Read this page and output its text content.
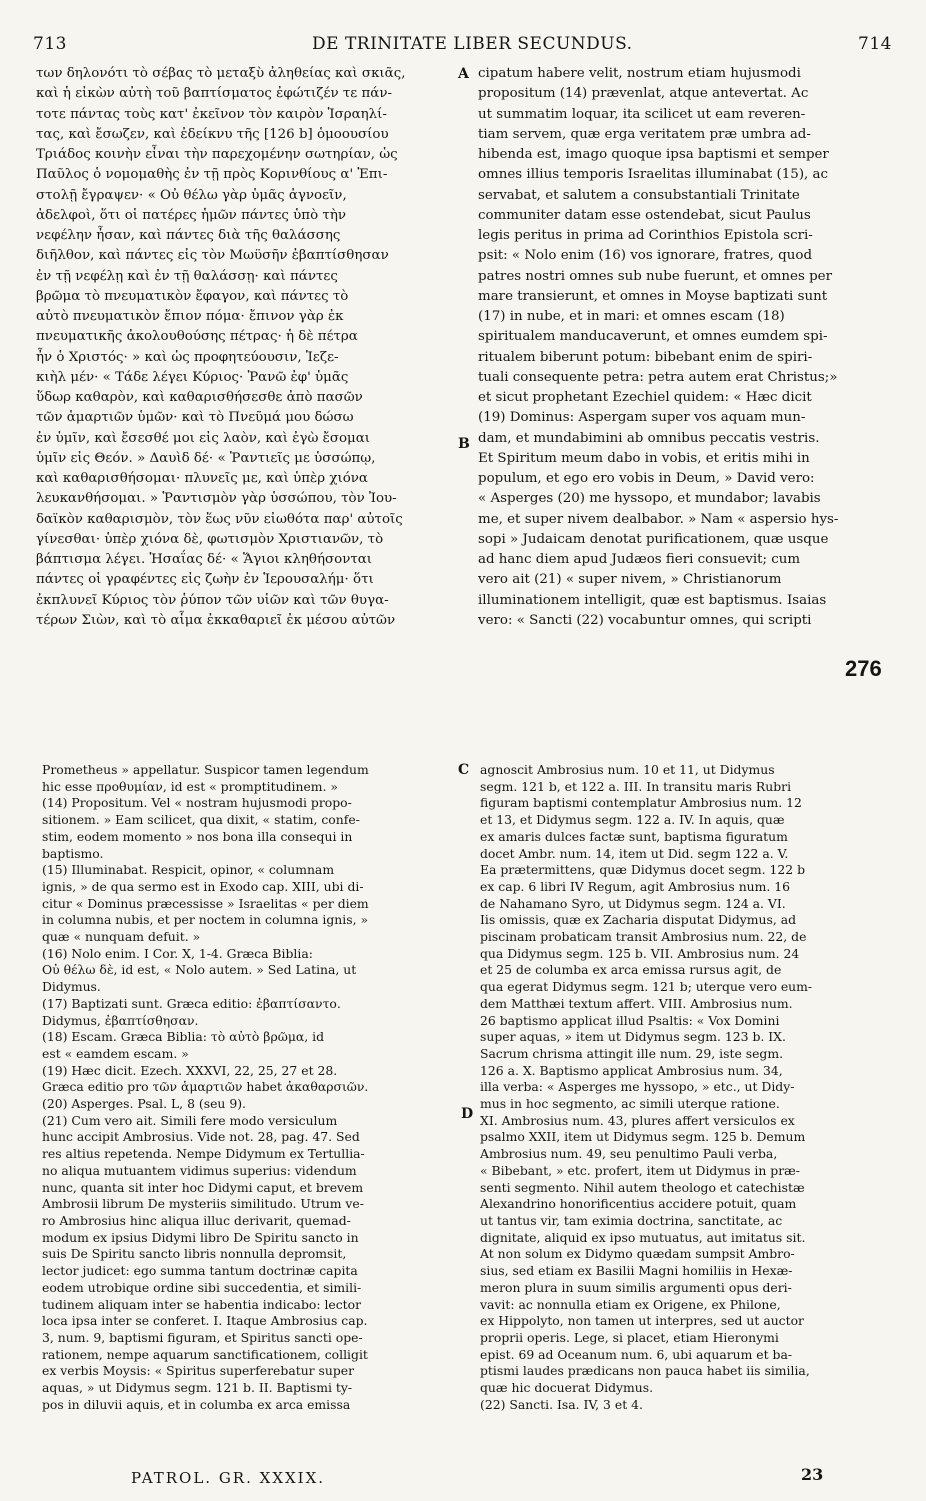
713	DE TRINITATE LIBER SECUNDUS.	714
των δηλονότι τὸ σέβας τὸ μεταξὺ ἀληθείας καὶ σκιᾶς,
καὶ ἡ εἰκὼν αὐτὴ τοῦ βαπτίσματος ἐφώτιζέν τε πάν-
τοτε πάντας τοὺς κατ' ἐκεῖνον τὸν καιρὸν Ἰσραηλί-
τας, καὶ ἔσωζεν, καὶ ἐδείκνυ τῆς [126 b] ὁμοουσίου
Τριάδος κοινὴν εἶναι τὴν παρεχομένην σωτηρίαν, ὡς
Παῦλος ὁ νομομαθὴς ἐν τῇ πρὸς Κορινθίους α' Ἐπι-
στολῇ ἔγραψεν· « Οὐ θέλω γὰρ ὑμᾶς ἀγνοεῖν,
ἀδελφοὶ, ὅτι οἱ πατέρες ἡμῶν πάντες ὑπὸ τὴν
νεφέλην ἦσαν, καὶ πάντες διὰ τῆς θαλάσσης
διῆλθον, καὶ πάντες εἰς τὸν Μωϋσῆν ἐβαπτίσθησαν
ἐν τῇ νεφέλῃ καὶ ἐν τῇ θαλάσσῃ· καὶ πάντες
βρῶμα τὸ πνευματικὸν ἔφαγον, καὶ πάντες τὸ
αὐτὸ πνευματικὸν ἔπιον πόμα· ἔπινον γὰρ ἐκ
πνευματικῆς ἀκολουθούσης πέτρας· ἡ δὲ πέτρα
ἦν ὁ Χριστός· » καὶ ὡς προφητεύουσιν, Ἰεζε-
κιὴλ μέν· « Τάδε λέγει Κύριος· Ῥανῶ ἐφ' ὑμᾶς
ὕδωρ καθαρὸν, καὶ καθαρισθήσεσθε ἀπὸ πασῶν
τῶν ἁμαρτιῶν ὑμῶν· καὶ τὸ Πνεῦμά μου δώσω
ἐν ὑμῖν, καὶ ἔσεσθέ μοι εἰς λαὸν, καὶ ἐγὼ ἔσομαι
ὑμῖν εἰς Θεόν. » Δαυὶδ δέ· « Ῥαντιεῖς με ὑσσώπῳ,
καὶ καθαρισθήσομαι· πλυνεῖς με, καὶ ὑπὲρ χιόνα
λευκανθήσομαι. » Ῥαντισμὸν γὰρ ὑσσώπου, τὸν Ἰου-
δαϊκὸν καθαρισμὸν, τὸν ἕως νῦν εἰωθότα παρ' αὐτοῖς
γίνεσθαι· ὑπὲρ χιόνα δὲ, φωτισμὸν Χριστιανῶν, τὸ
βάπτισμα λέγει. Ἡσαΐας δέ· « Ἅγιοι κληθήσονται
πάντες οἱ γραφέντες εἰς ζωὴν ἐν Ἱερουσαλήμ· ὅτι
ἐκπλυνεῖ Κύριος τὸν ῥύπον τῶν υἱῶν καὶ τῶν θυγα-
τέρων Σιὼν, καὶ τὸ αἷμα ἐκκαθαριεῖ ἐκ μέσου αὐτῶν
cipatum habere velit, nostrum etiam hujusmodi
propositum (14) prævenlat, atque antevertat. Ac
ut summatim loquar, ita scilicet ut eam reveren-
tiam servem, quæ erga veritatem præ umbra ad-
hibenda est, imago quoque ipsa baptismi et semper
omnes illius temporis Israelitas illuminabat (15), ac
servabat, et salutem a consubstantiali Trinitate
communiter datam esse ostendebat, sicut Paulus
legis peritus in prima ad Corinthios Epistola scri-
psit: « Nolo enim (16) vos ignorare, fratres, quod
patres nostri omnes sub nube fuerunt, et omnes per
mare transierunt, et omnes in Moyse baptizati sunt
(17) in nube, et in mari: et omnes escam (18)
spiritualem manducaverunt, et omnes eumdem spi-
ritualem biberunt potum: bibebant enim de spiri-
tuali consequente petra: petra autem erat Christus;»
et sicut prophetant Ezechiel quidem: « Hæc dicit
(19) Dominus: Aspergam super vos aquam mun-
dam, et mundabimini ab omnibus peccatis vestris.
Et Spiritum meum dabo in vobis, et eritis mihi in
populum, et ego ero vobis in Deum, » David vero:
« Asperges (20) me hyssopo, et mundabor; lavabis
me, et super nivem dealbabor. » Nam « aspersio hys-
sopi » Judaicam denotat purificationem, quæ usque
ad hanc diem apud Judæos fieri consuevit; cum
vero ait (21) « super nivem, » Christianorum
illuminationem intelligit, quæ est baptismus. Isaias
vero: « Sancti (22) vocabuntur omnes, qui scripti
A
B
C
D
276
Prometheus » appellatur. Suspicor tamen legendum
hic esse προθυμίαν, id est « promptitudinem. »
(14) Propositum. Vel « nostram hujusmodi propo-
sitionem. » Eam scilicet, qua dixit, « statim, confe-
stim, eodem momento » nos bona illa consequi in
baptismo.
(15) Illuminabat. Respicit, opinor, « columnam
ignis, » de qua sermo est in Exodo cap. XIII, ubi di-
citur « Dominus præcessisse » Israelitas « per diem
in columna nubis, et per noctem in columna ignis, »
quæ « nunquam defuit. »
(16) Nolo enim. I Cor. X, 1-4. Græca Biblia:
Οὐ θέλω δὲ, id est, « Nolo autem. » Sed Latina, ut
Didymus.
(17) Baptizati sunt. Græca editio: ἐβαπτίσαντο.
Didymus, ἐβαπτίσθησαν.
(18) Escam. Græca Biblia: τὸ αὐτὸ βρῶμα, id
est « eamdem escam. »
(19) Hæc dicit. Ezech. XXXVI, 22, 25, 27 et 28.
Græca editio pro τῶν ἁμαρτιῶν habet ἀκαθαρσιῶν.
(20) Asperges. Psal. L, 8 (seu 9).
(21) Cum vero ait. Simili fere modo versiculum
hunc accipit Ambrosius. Vide not. 28, pag. 47. Sed
res altius repetenda. Nempe Didymum ex Tertullia-
no aliqua mutuantem vidimus superius: videndum
nunc, quanta sit inter hoc Didymi caput, et brevem
Ambrosii librum De mysteriis similitudo. Utrum ve-
ro Ambrosius hinc aliqua illuc derivarit, quemad-
modum ex ipsius Didymi libro De Spiritu sancto in
suis De Spiritu sancto libris nonnulla depromsit,
lector judicet: ego summa tantum doctrinæ capita
eodem utrobique ordine sibi succedentia, et simili-
tudinem aliquam inter se habentia indicabo: lector
loca ipsa inter se conferet. I. Itaque Ambrosius cap.
3, num. 9, baptismi figuram, et Spiritus sancti ope-
rationem, nempe aquarum sanctificationem, colligit
ex verbis Moysis: « Spiritus superferebatur super
aquas, » ut Didymus segm. 121 b. II. Baptismi ty-
pos in diluvii aquis, et in columba ex arca emissa
agnoscit Ambrosius num. 10 et 11, ut Didymus
segm. 121 b, et 122 a. III. In transitu maris Rubri
figuram baptismi contemplatur Ambrosius num. 12
et 13, et Didymus segm. 122 a. IV. In aquis, quæ
ex amaris dulces factæ sunt, baptisma figuratum
docet Ambr. num. 14, item ut Did. segm 122 a. V.
Ea prætermittens, quæ Didymus docet segm. 122 b
ex cap. 6 libri IV Regum, agit Ambrosius num. 16
de Nahamano Syro, ut Didymus segm. 124 a. VI.
Iis omissis, quæ ex Zacharia disputat Didymus, ad
piscinam probaticam transit Ambrosius num. 22, de
qua Didymus segm. 125 b. VII. Ambrosius num. 24
et 25 de columba ex arca emissa rursus agit, de
qua egerat Didymus segm. 121 b; uterque vero eum-
dem Matthæi textum affert. VIII. Ambrosius num.
26 baptismo applicat illud Psaltis: « Vox Domini
super aquas, » item ut Didymus segm. 123 b. IX.
Sacrum chrisma attingit ille num. 29, iste segm.
126 a. X. Baptismo applicat Ambrosius num. 34,
illa verba: « Asperges me hyssopo, » etc., ut Didy-
mus in hoc segmento, ac simili uterque ratione.
XI. Ambrosius num. 43, plures affert versiculos ex
psalmo XXII, item ut Didymus segm. 125 b. Demum
Ambrosius num. 49, seu penultimo Pauli verba,
« Bibebant, » etc. profert, item ut Didymus in præ-
senti segmento. Nihil autem theologo et catechistæ
Alexandrino honorificentius accidere potuit, quam
ut tantus vir, tam eximia doctrina, sanctitate, ac
dignitate, aliquid ex ipso mutuatus, aut imitatus sit.
At non solum ex Didymo quædam sumpsit Ambro-
sius, sed etiam ex Basilii Magni homiliis in Hexæ-
meron plura in suum similis argumenti opus deri-
vavit: ac nonnulla etiam ex Origene, ex Philone,
ex Hippolyto, non tamen ut interpres, sed ut auctor
proprii operis. Lege, si placet, etiam Hieronymi
epist. 69 ad Oceanum num. 6, ubi aquarum et ba-
ptismi laudes prædicans non pauca habet iis similia,
quæ hic docuerat Didymus.
(22) Sancti. Isa. IV, 3 et 4.
PATROL. GR. XXXIX.	23
